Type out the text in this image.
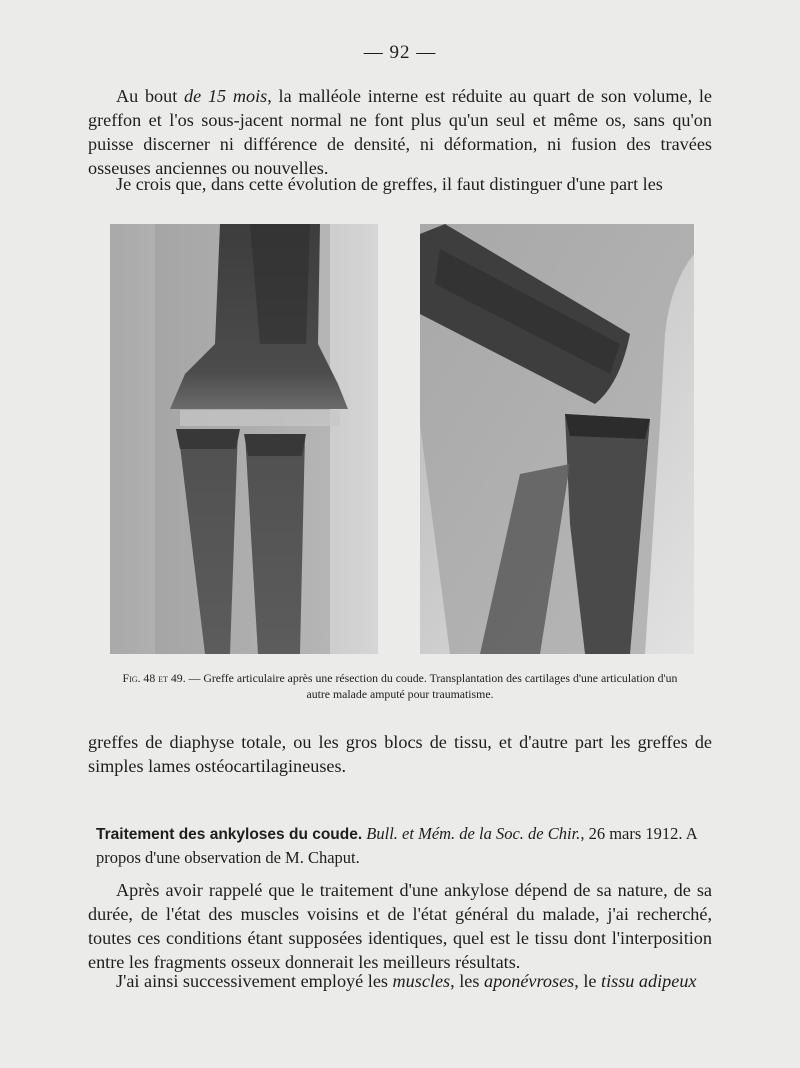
— 92 —

Au bout de 15 mois, la malléole interne est réduite au quart de son volume, le greffon et l'os sous-jacent normal ne font plus qu'un seul et même os, sans qu'on puisse discerner ni différence de densité, ni déformation, ni fusion des travées osseuses anciennes ou nouvelles.

Je crois que, dans cette évolution de greffes, il faut distinguer d'une part les

Fig. 48 et 49. — Greffe articulaire après une résection du coude. Transplantation des cartilages d'une articulation d'un autre malade amputé pour traumatisme.

greffes de diaphyse totale, ou les gros blocs de tissu, et d'autre part les greffes de simples lames ostéocartilagineuses.

Traitement des ankyloses du coude. Bull. et Mém. de la Soc. de Chir., 26 mars 1912. A propos d'une observation de M. Chaput.

Après avoir rappelé que le traitement d'une ankylose dépend de sa nature, de sa durée, de l'état des muscles voisins et de l'état général du malade, j'ai recherché, toutes ces conditions étant supposées identiques, quel est le tissu dont l'interposition entre les fragments osseux donnerait les meilleurs résultats.

J'ai ainsi successivement employé les muscles, les aponévroses, le tissu adipeux
